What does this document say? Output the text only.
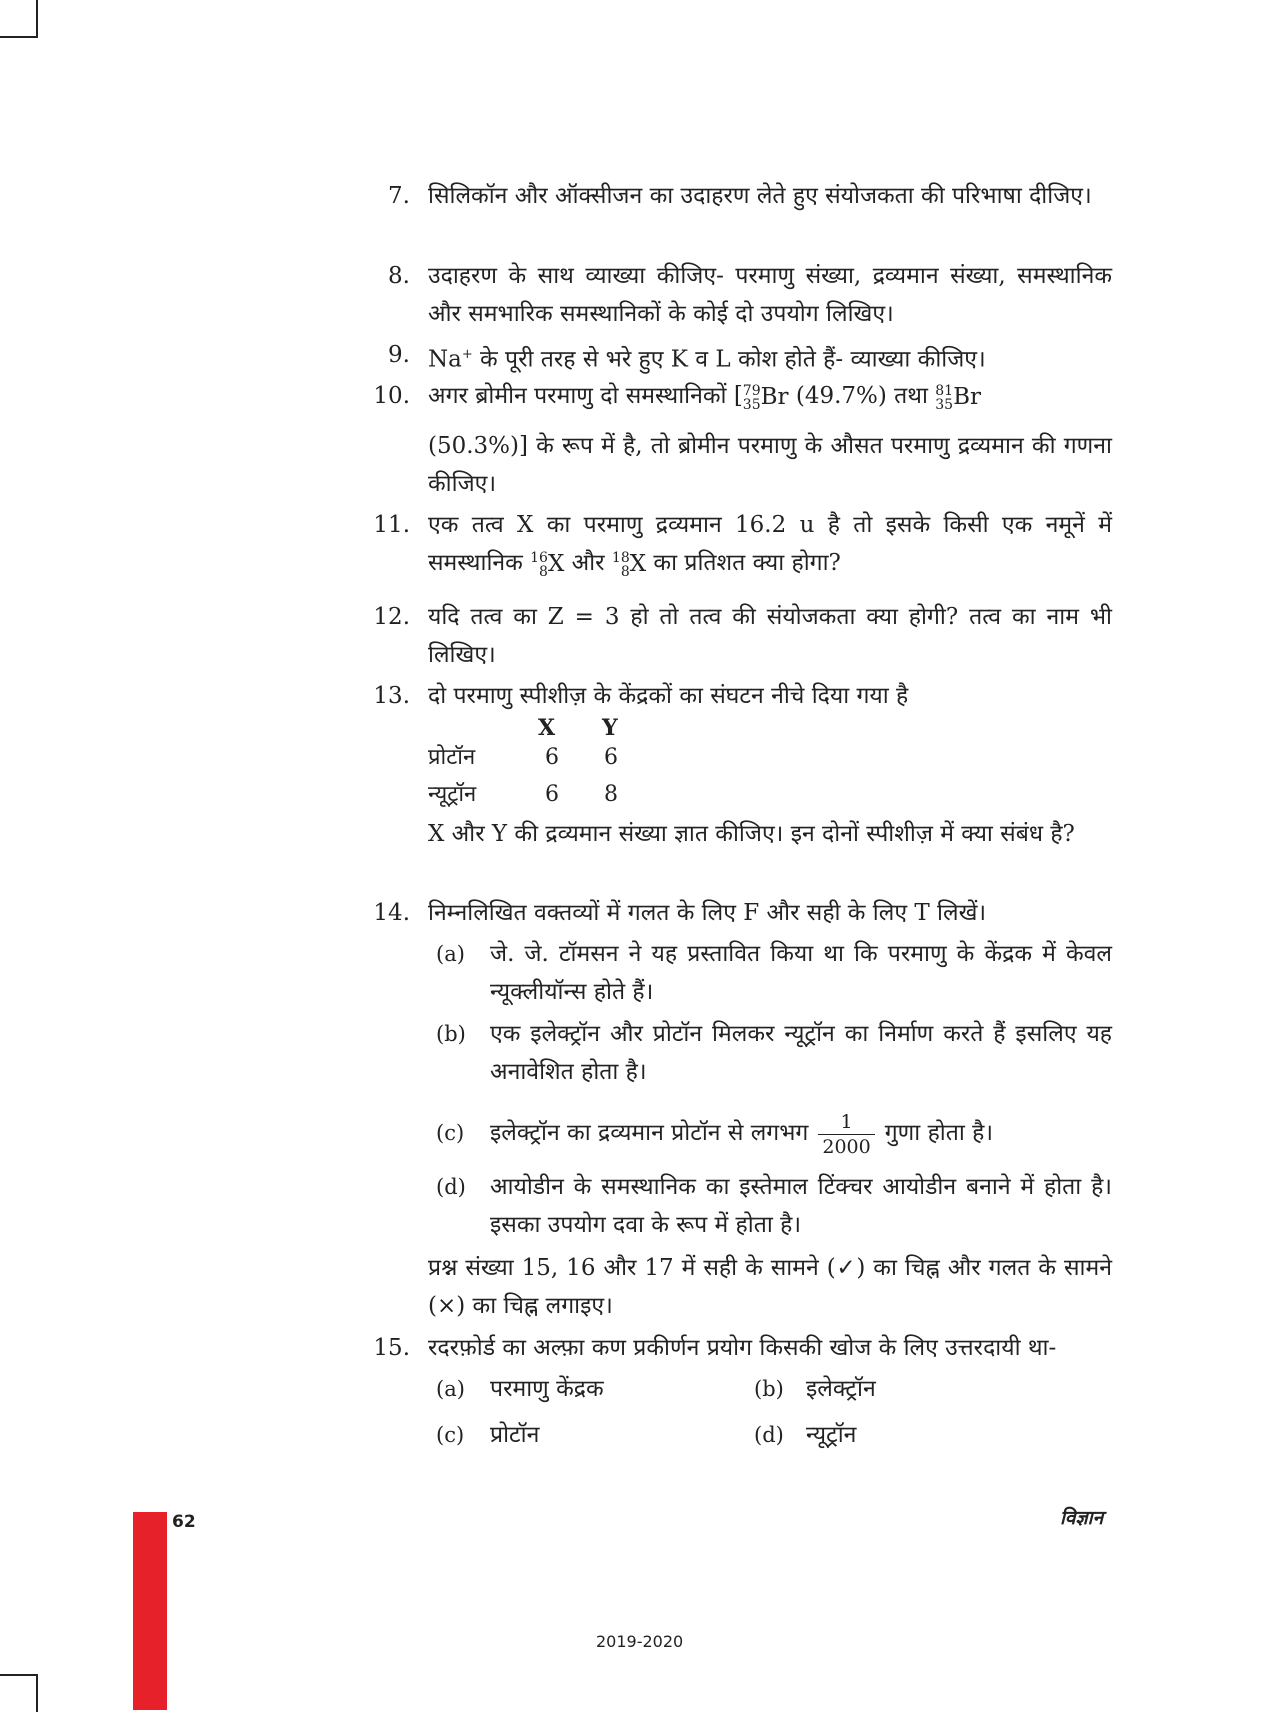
7. सिलिकॉन और ऑक्सीजन का उदाहरण लेते हुए संयोजकता की परिभाषा दीजिए।
8. उदाहरण के साथ व्याख्या कीजिए- परमाणु संख्या, द्रव्यमान संख्या, समस्थानिक और समभारिक समस्थानिकों के कोई दो उपयोग लिखिए।
9. Na+ के पूरी तरह से भरे हुए K व L कोश होते हैं- व्याख्या कीजिए।
10. अगर ब्रोमीन परमाणु दो समस्थानिकों [ 79
35 Br (49.7%) तथा 81
35 Br
(50.3%)] के रूप में है, तो ब्रोमीन परमाणु के औसत परमाणु द्रव्यमान की गणना कीजिए।
11. एक तत्व X का परमाणु द्रव्यमान 16.2 u है तो इसके किसी एक नमूनें में समस्थानिक 16
8 X और 18
8 X का प्रतिशत क्या होगा?
12. यदि तत्व का Z = 3 हो तो तत्व की संयोजकता क्या होगी? तत्व का नाम भी लिखिए।
13. दो परमाणु स्पीशीज़ के केंद्रकों का संघटन नीचे दिया गया है
X Y
प्रोटॉन	6 6
न्यूट्रॉन	6 8
X और Y की द्रव्यमान संख्या ज्ञात कीजिए। इन दोनों स्पीशीज़ में क्या संबंध है?
14. निम्नलिखित वक्तव्यों में गलत के लिए F और सही के लिए T लिखें।
(a)	जे. जे. टॉमसन ने यह प्रस्तावित किया था कि परमाणु के केंद्रक में केवल न्यूक्लीयॉन्स होते हैं।
(b)	एक इलेक्ट्रॉन और प्रोटॉन मिलकर न्यूट्रॉन का निर्माण करते हैं इसलिए यह अनावेशित होता है।
(c)	इलेक्ट्रॉन का द्रव्यमान प्रोटॉन से लगभग $\frac{1}{2000}$ गुणा होता है।
(d)	आयोडीन के समस्थानिक का इस्तेमाल टिंक्चर आयोडीन बनाने में होता है। इसका उपयोग दवा के रूप में होता है।
प्रश्न संख्या 15, 16 और 17 में सही के सामने (✓) का चिह्न और गलत के सामने (×) का चिह्न लगाइए।
15. रदरफ़ोर्ड का अल्फ़ा कण प्रकीर्णन प्रयोग किसकी खोज के लिए उत्तरदायी था-
(a)	परमाणु केंद्रक	(b) इलेक्ट्रॉन
(c)	प्रोटॉन	(d) न्यूट्रॉन
62	विज्ञान
2019-2020
